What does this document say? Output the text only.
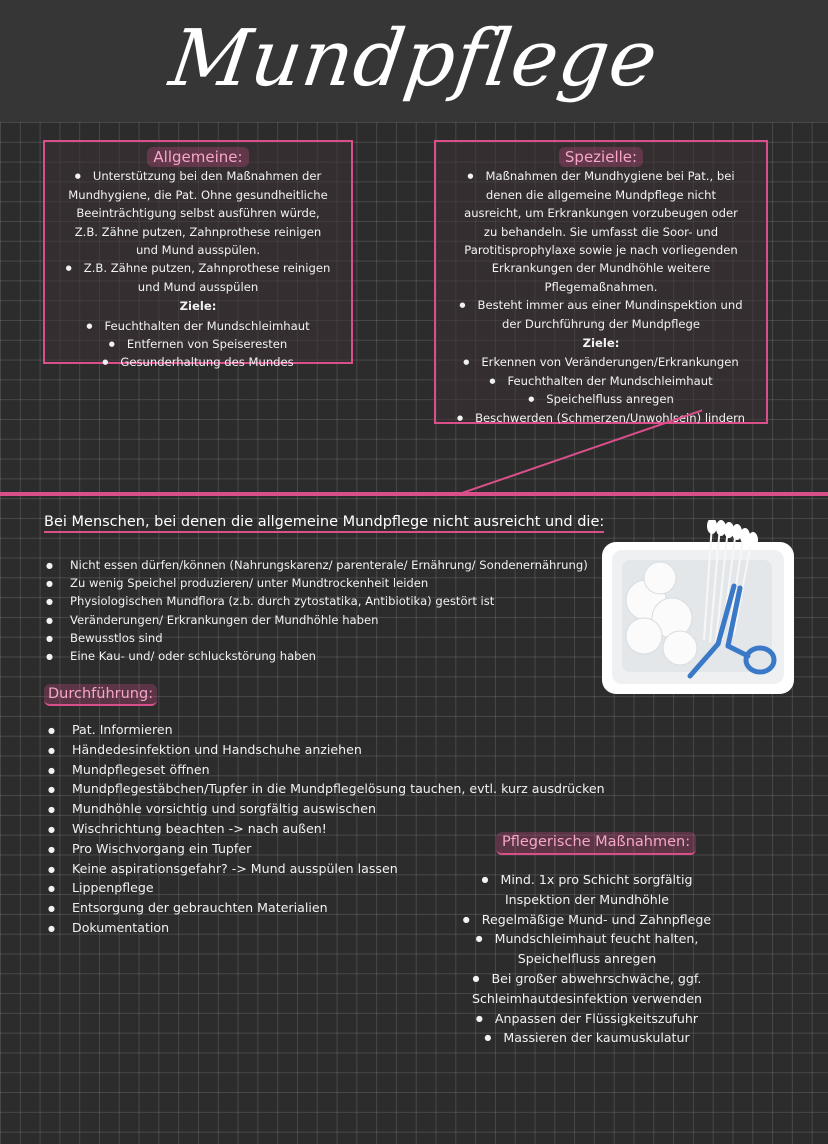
Mundpflege
Allgemeine:
● Unterstützung bei den Maßnahmen der Mundhygiene, die Pat. Ohne gesundheitliche Beeinträchtigung selbst ausführen würde, Z.B. Zähne putzen, Zahnprothese reinigen und Mund ausspülen.
● Z.B. Zähne putzen, Zahnprothese reinigen und Mund ausspülen
Ziele:
● Feuchthalten der Mundschleimhaut
● Entfernen von Speiseresten
● Gesunderhaltung des Mundes
Spezielle:
● Maßnahmen der Mundhygiene bei Pat., bei denen die allgemeine Mundpflege nicht ausreicht, um Erkrankungen vorzubeugen oder zu behandeln. Sie umfasst die Soor- und Parotitisprophylaxe sowie je nach vorliegenden Erkrankungen der Mundhöhle weitere Pflegemaßnahmen.
● Besteht immer aus einer Mundinspektion und der Durchführung der Mundpflege
Ziele:
● Erkennen von Veränderungen/Erkrankungen
● Feuchthalten der Mundschleimhaut
● Speichelfluss anregen
● Beschwerden (Schmerzen/Unwohlsein) lindern
Bei Menschen, bei denen die allgemeine Mundpflege nicht ausreicht und die:
● Nicht essen dürfen/können (Nahrungskarenz/ parenterale/ Ernährung/ Sondenernährung)
● Zu wenig Speichel produzieren/ unter Mundtrockenheit leiden
● Physiologischen Mundflora (z.b. durch zytostatika, Antibiotika) gestört ist
● Veränderungen/ Erkrankungen der Mundhöhle haben
● Bewusstlos sind
● Eine Kau- und/ oder schluckstörung haben
Durchführung:
● Pat. Informieren
● Händedesinfektion und Handschuhe anziehen
● Mundpflegeset öffnen
● Mundpflegestäbchen/Tupfer in die Mundpflegelösung tauchen, evtl. kurz ausdrücken
● Mundhöhle vorsichtig und sorgfältig auswischen
● Wischrichtung beachten -> nach außen!
● Pro Wischvorgang ein Tupfer
● Keine aspirationsgefahr? -> Mund ausspülen lassen
● Lippenpflege
● Entsorgung der gebrauchten Materialien
● Dokumentation
Pflegerische Maßnahmen:
● Mind. 1x pro Schicht sorgfältig Inspektion der Mundhöhle
● Regelmäßige Mund- und Zahnpflege
● Mundschleimhaut feucht halten, Speichelfluss anregen
● Bei großer abwehrschwäche, ggf. Schleimhautdesinfektion verwenden
● Anpassen der Flüssigkeitszufuhr
● Massieren der kaumuskulatur
